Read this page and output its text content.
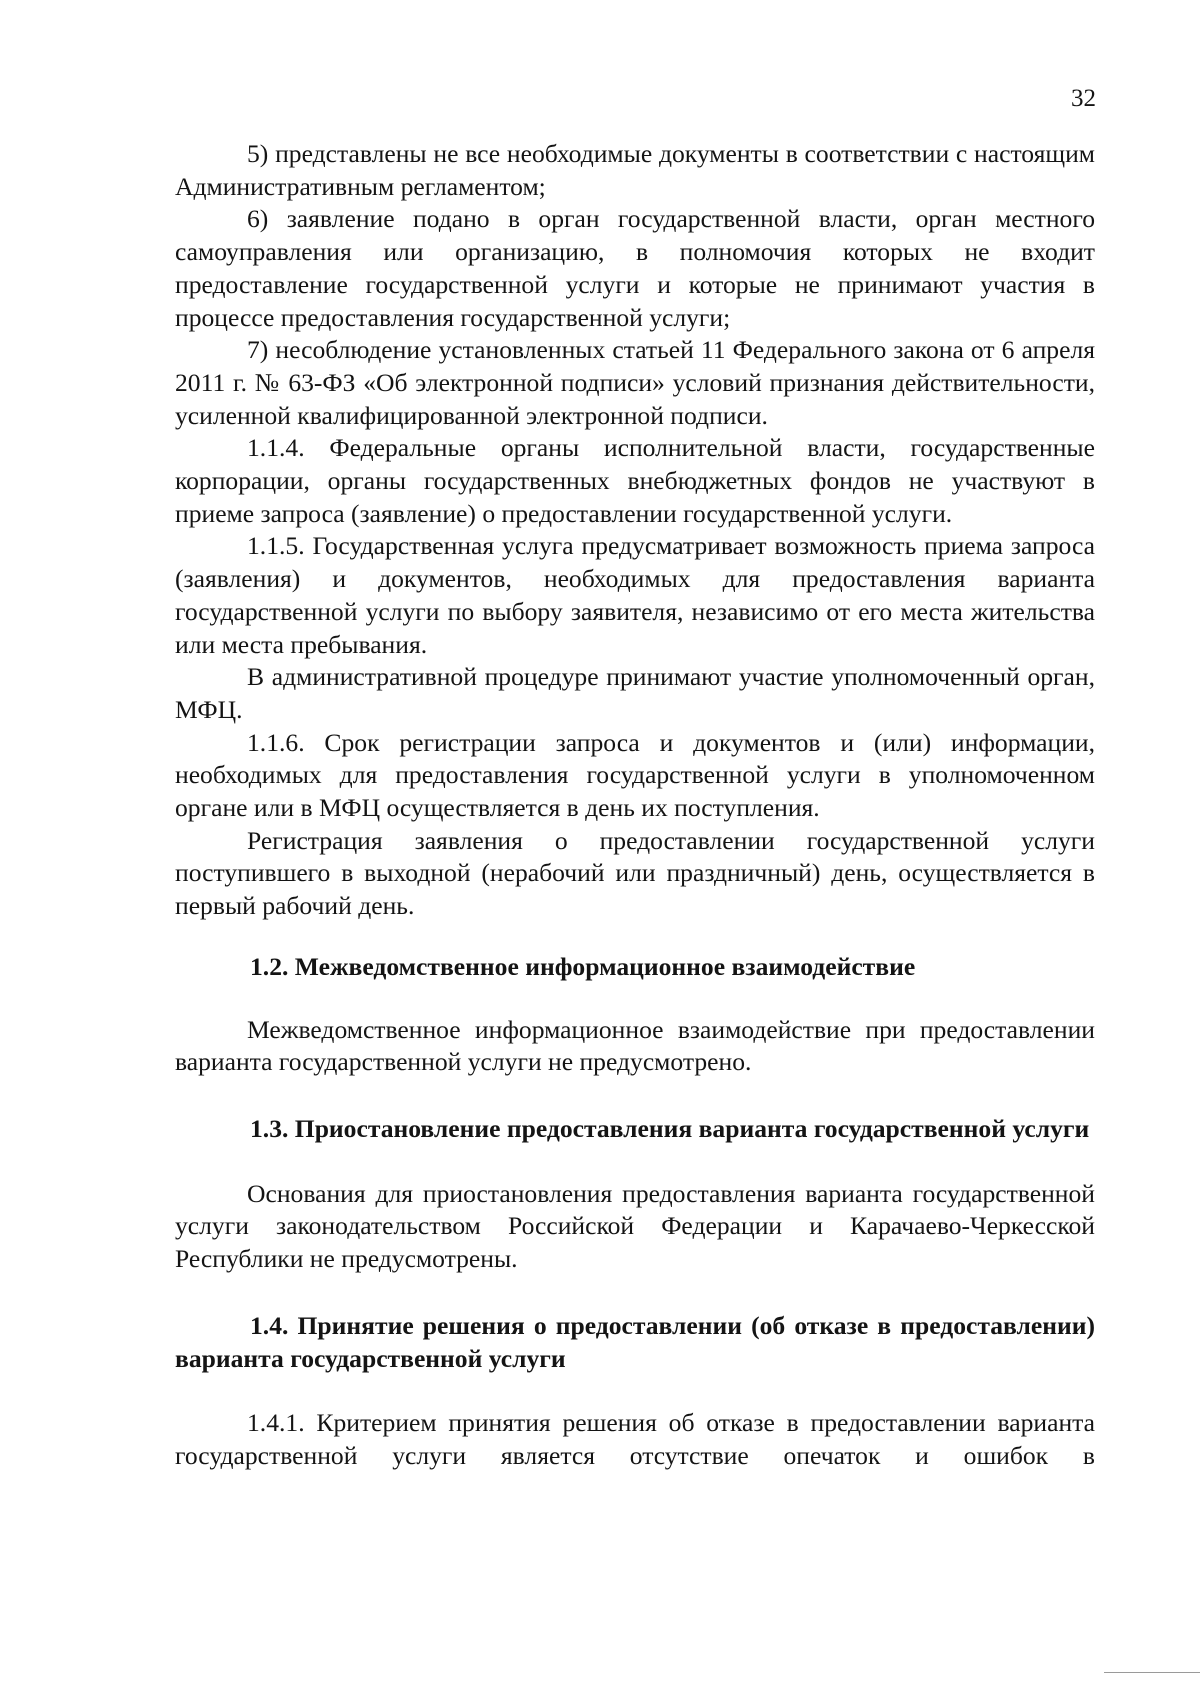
32

5) представлены не все необходимые документы в соответствии с настоящим Административным регламентом;

6) заявление подано в орган государственной власти, орган местного самоуправления или организацию, в полномочия которых не входит предоставление государственной услуги и которые не принимают участия в процессе предоставления государственной услуги;

7) несоблюдение установленных статьей 11 Федерального закона от 6 апреля 2011 г. № 63-ФЗ «Об электронной подписи» условий признания действительности, усиленной квалифицированной электронной подписи.

1.1.4. Федеральные органы исполнительной власти, государственные корпорации, органы государственных внебюджетных фондов не участвуют в приеме запроса (заявление) о предоставлении государственной услуги.

1.1.5. Государственная услуга предусматривает возможность приема запроса (заявления) и документов, необходимых для предоставления варианта государственной услуги по выбору заявителя, независимо от его места жительства или места пребывания.

В административной процедуре принимают участие уполномоченный орган, МФЦ.

1.1.6. Срок регистрации запроса и документов и (или) информации, необходимых для предоставления государственной услуги в уполномоченном органе или в МФЦ осуществляется в день их поступления.

Регистрация заявления о предоставлении государственной услуги поступившего в выходной (нерабочий или праздничный) день, осуществляется в первый рабочий день.

1.2. Межведомственное информационное взаимодействие

Межведомственное информационное взаимодействие при предоставлении варианта государственной услуги не предусмотрено.

1.3. Приостановление предоставления варианта государственной услуги

Основания для приостановления предоставления варианта государственной услуги законодательством Российской Федерации и Карачаево-Черкесской Республики не предусмотрены.

1.4. Принятие решения о предоставлении (об отказе в предоставлении) варианта государственной услуги

1.4.1. Критерием принятия решения об отказе в предоставлении варианта государственной услуги является отсутствие опечаток и ошибок в
